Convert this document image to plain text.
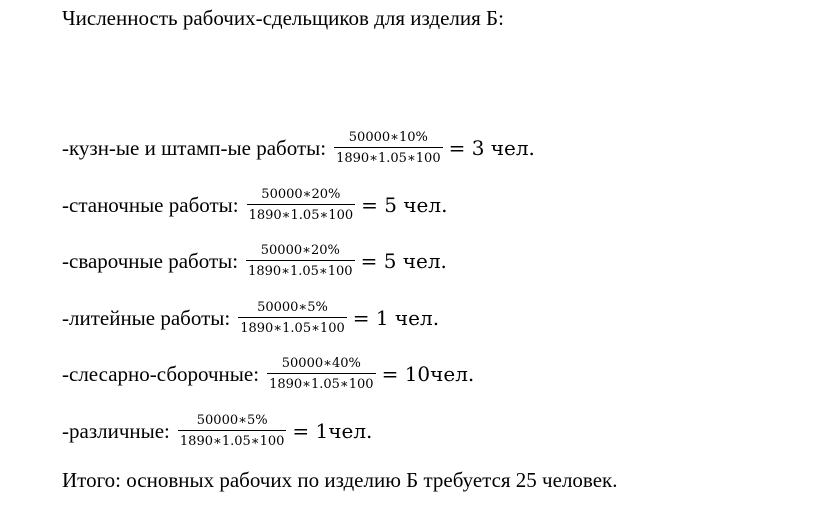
Численность рабочих-сдельщиков для изделия Б:
-кузн-ые и штамп-ые работы: $\frac{50000∗10\%}{1890∗1.05∗100} = 3$ чел.
-станочные работы: $\frac{50000∗20\%}{1890∗1.05∗100} = 5$ чел.
-сварочные работы: $\frac{50000∗20\%}{1890∗1.05∗100} = 5$ чел.
-литейные работы: $\frac{50000∗5\%}{1890∗1.05∗100} = 1$ чел.
-слесарно-сборочные: $\frac{50000∗40\%}{1890∗1.05∗100} = 10чел$.
-различные: $\frac{50000∗5\%}{1890∗1.05∗100} = 1чел$.
Итого: основных рабочих по изделию Б требуется 25 человек.
